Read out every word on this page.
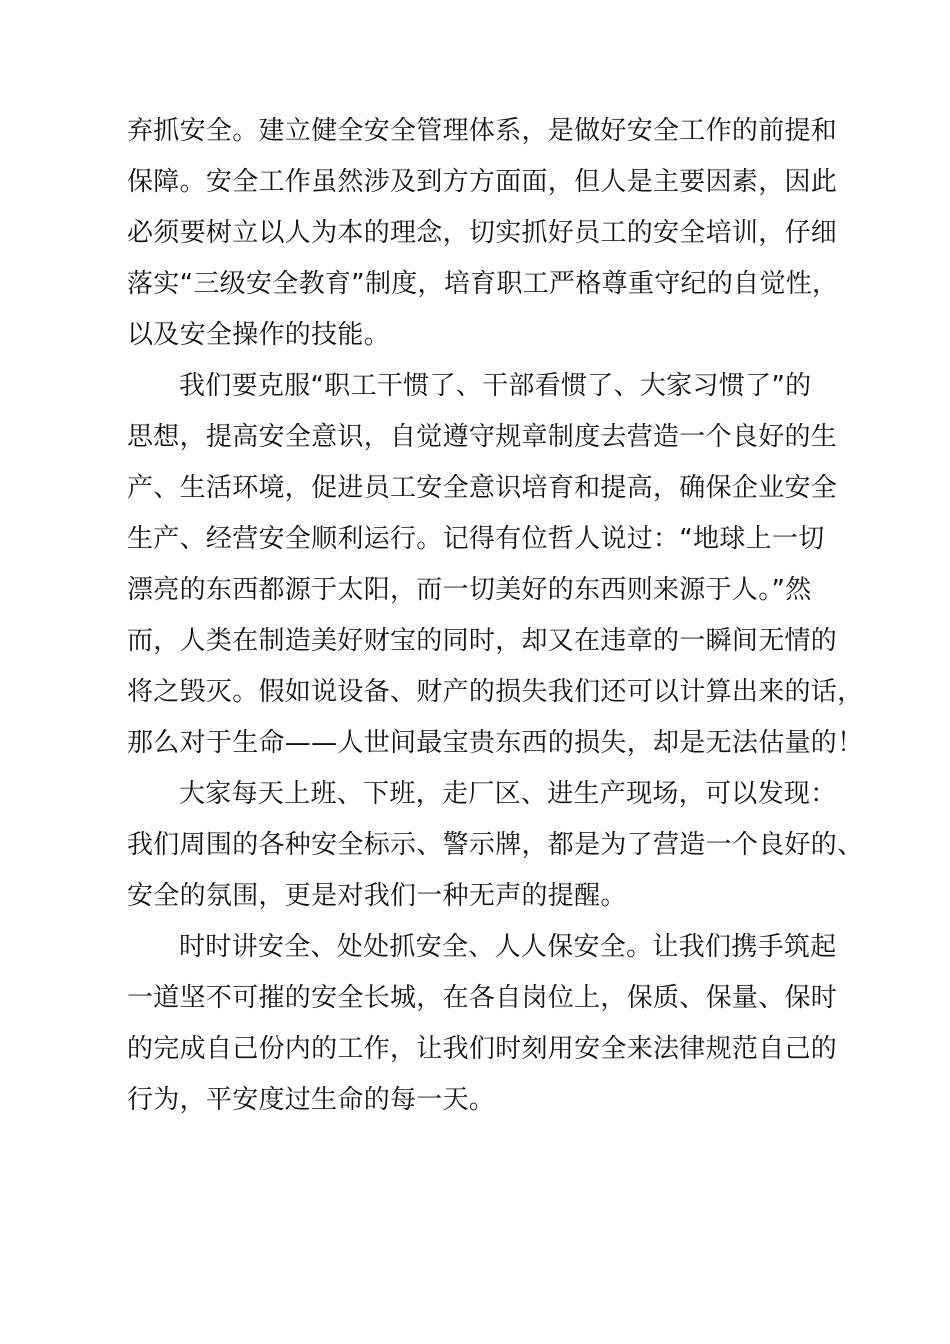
弃抓安全。建立健全安全管理体系，是做好安全工作的前提和
保障。安全工作虽然涉及到方方面面，但人是主要因素，因此
必须要树立以人为本的理念，切实抓好员工的安全培训，仔细
落实“三级安全教育”制度，培育职工严格尊重守纪的自觉性，
以及安全操作的技能。
我们要克服“职工干惯了、干部看惯了、大家习惯了”的
思想，提高安全意识，自觉遵守规章制度去营造一个良好的生
产、生活环境，促进员工安全意识培育和提高，确保企业安全
生产、经营安全顺利运行。记得有位哲人说过：“地球上一切
漂亮的东西都源于太阳，而一切美好的东西则来源于人。”然
而，人类在制造美好财宝的同时，却又在违章的一瞬间无情的
将之毁灭。假如说设备、财产的损失我们还可以计算出来的话，
那么对于生命——人世间最宝贵东西的损失，却是无法估量的！
大家每天上班、下班，走厂区、进生产现场，可以发现：
我们周围的各种安全标示、警示牌，都是为了营造一个良好的、
安全的氛围，更是对我们一种无声的提醒。
时时讲安全、处处抓安全、人人保安全。让我们携手筑起
一道坚不可摧的安全长城，在各自岗位上，保质、保量、保时
的完成自己份内的工作，让我们时刻用安全来法律规范自己的
行为，平安度过生命的每一天。
